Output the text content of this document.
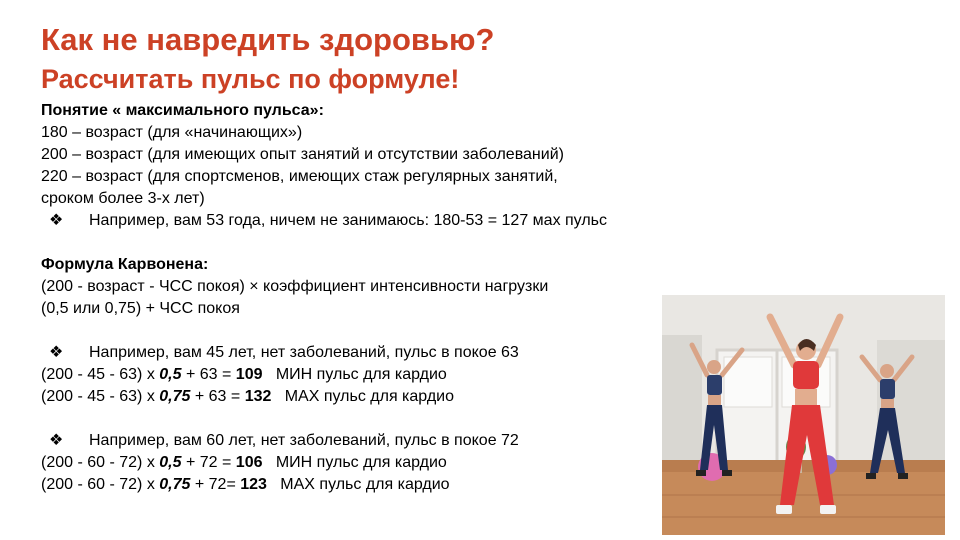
Как не навредить здоровью?
Рассчитать пульс по формуле!
Понятие « максимального пульса»:
180 – возраст (для «начинающих»)
200 – возраст (для имеющих опыт занятий и отсутствии заболеваний)
220 – возраст (для спортсменов, имеющих стаж регулярных занятий,
сроком более 3-х лет)
❖ Например, вам 53 года, ничем не занимаюсь: 180-53 = 127 мах пульс
Формула Карвонена:
(200 - возраст - ЧСС покоя) × коэффициент интенсивности нагрузки
(0,5 или 0,75) + ЧСС покоя
❖ Например, вам 45 лет, нет заболеваний, пульс в покое 63
(200 - 45 - 63) х 0,5 + 63 = 109   МИН пульс для кардио
(200 - 45 - 63) х 0,75 + 63 = 132   MAX пульс для кардио
❖ Например, вам 60 лет, нет заболеваний, пульс в покое 72
(200 - 60 - 72) х 0,5 + 72 = 106   МИН пульс для кардио
(200 - 60 - 72) х 0,75 + 72= 123   MAX пульс для кардио
